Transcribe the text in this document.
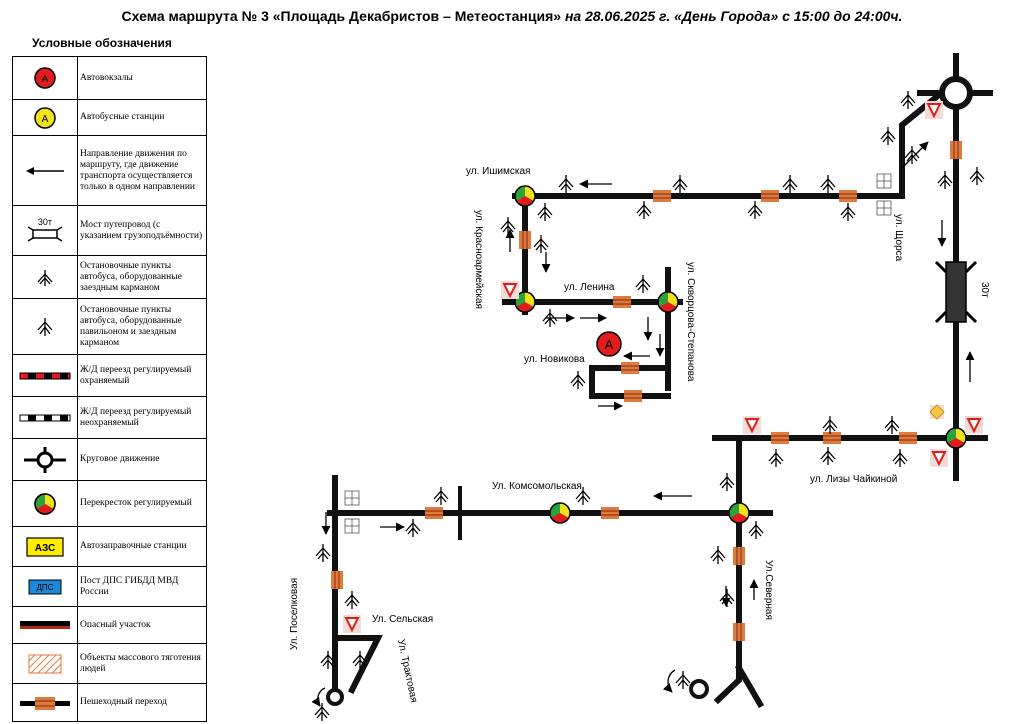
Схема маршрута № 3 «Площадь Декабристов – Метеостанция» на 28.06.2025 г. «День Города» с 15:00 до 24:00ч.
Условные обозначения
А	Автовокзалы

А	Автобусные станции

	Направление движения по маршруту, где движение транспорта осуществляется только в одном направлении

30т	Мост путепровод (с указанием грузоподъёмности)

	Остановочные пункты автобуса, оборудованные заездным карманом

	Остановочные пункты автобуса, оборудованные павильоном и заездным карманом

	Ж/Д переезд регулируемый охраняемый

	Ж/Д переезд регулируемый неохраняемый

	Круговое движение

	Перекресток регулируемый

АЗС	Автозаправочные станции

ДПС	Пост ДПС ГИБДД МВД России

	Опасный участок

	Объекты массового тяготения людей

	Пешеходный переход
А
ул. Ишимская
ул. Красноармейская	ул. Ленина	ул. Скворцова-Степанова
ул. Новикова
ул. Щорса
30т
ул. Лизы Чайкиной
Ул. Комсомольская
Ул.Северная
Ул. Поселковая	Ул. Сельская
Ул. Трактовая
